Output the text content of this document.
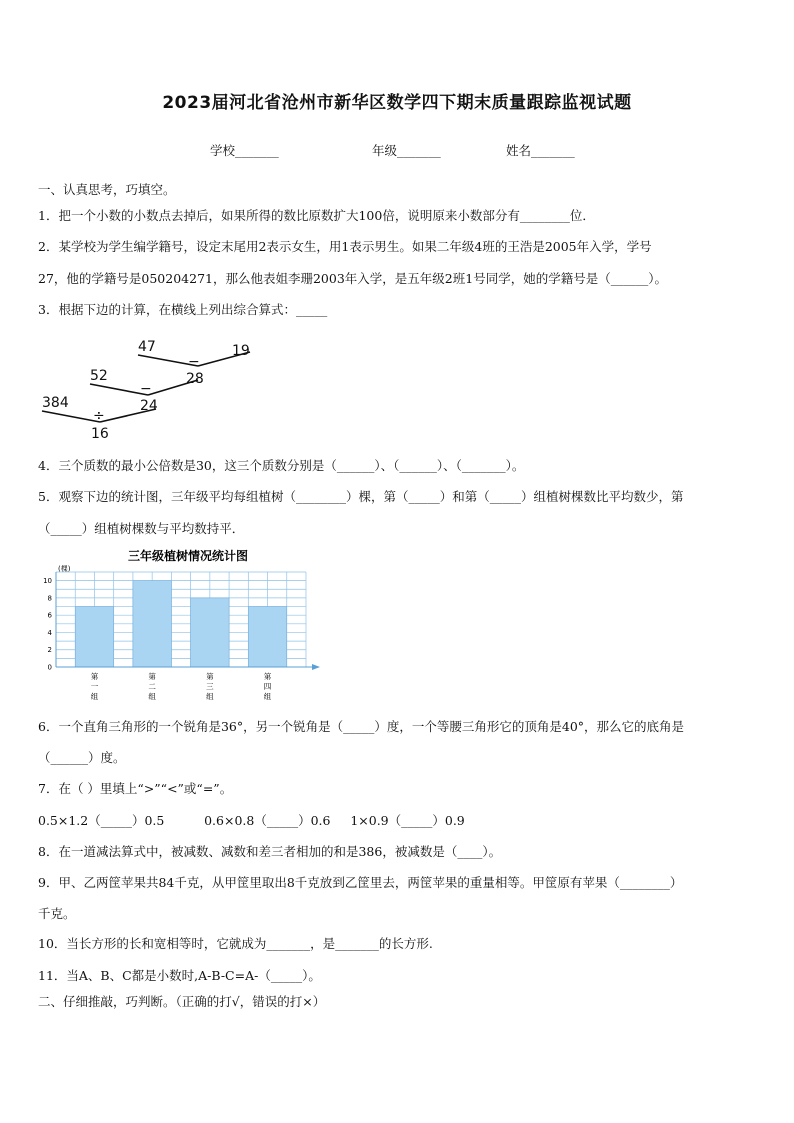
2023届河北省沧州市新华区数学四下期末质量跟踪监视试题
学校_______	年级_______	姓名_______
一、认真思考，巧填空。
1．把一个小数的小数点去掉后，如果所得的数比原数扩大100倍，说明原来小数部分有________位．
2．某学校为学生编学籍号，设定末尾用2表示女生，用1表示男生。如果二年级4班的王浩是2005年入学，学号
27，他的学籍号是050204271，那么他表姐李珊2003年入学，是五年级2班1号同学，她的学籍号是（______）。
3．根据下边的计算，在横线上列出综合算式：_____
47	19
−
52	28
−
384	24
÷
16
4．三个质数的最小公倍数是30，这三个质数分别是（______）、（______）、（_______）。
5．观察下边的统计图，三年级平均每组植树（________）棵，第（_____）和第（_____）组植树棵数比平均数少，第
（_____）组植树棵数与平均数持平．
三年级植树情况统计图
(棵)
第一组
第二组
第三组
第四组
0
2
4
6
8
10
6．一个直角三角形的一个锐角是36°，另一个锐角是（_____）度，一个等腰三角形它的顶角是40°，那么它的底角是
（______）度。
7．在（ ）里填上“>”“<”或“=”。
0.5×1.2（_____）0.5          0.6×0.8（_____）0.6     1×0.9（_____）0.9
8．在一道减法算式中，被减数、减数和差三者相加的和是386，被减数是（____）。
9．甲、乙两筐苹果共84千克，从甲筐里取出8千克放到乙筐里去，两筐苹果的重量相等。甲筐原有苹果（________）
千克。
10．当长方形的长和宽相等时，它就成为_______，是_______的长方形.
11．当A、B、C都是小数时,A-B-C=A-（_____）。
二、仔细推敲，巧判断。（正确的打√，错误的打×）
